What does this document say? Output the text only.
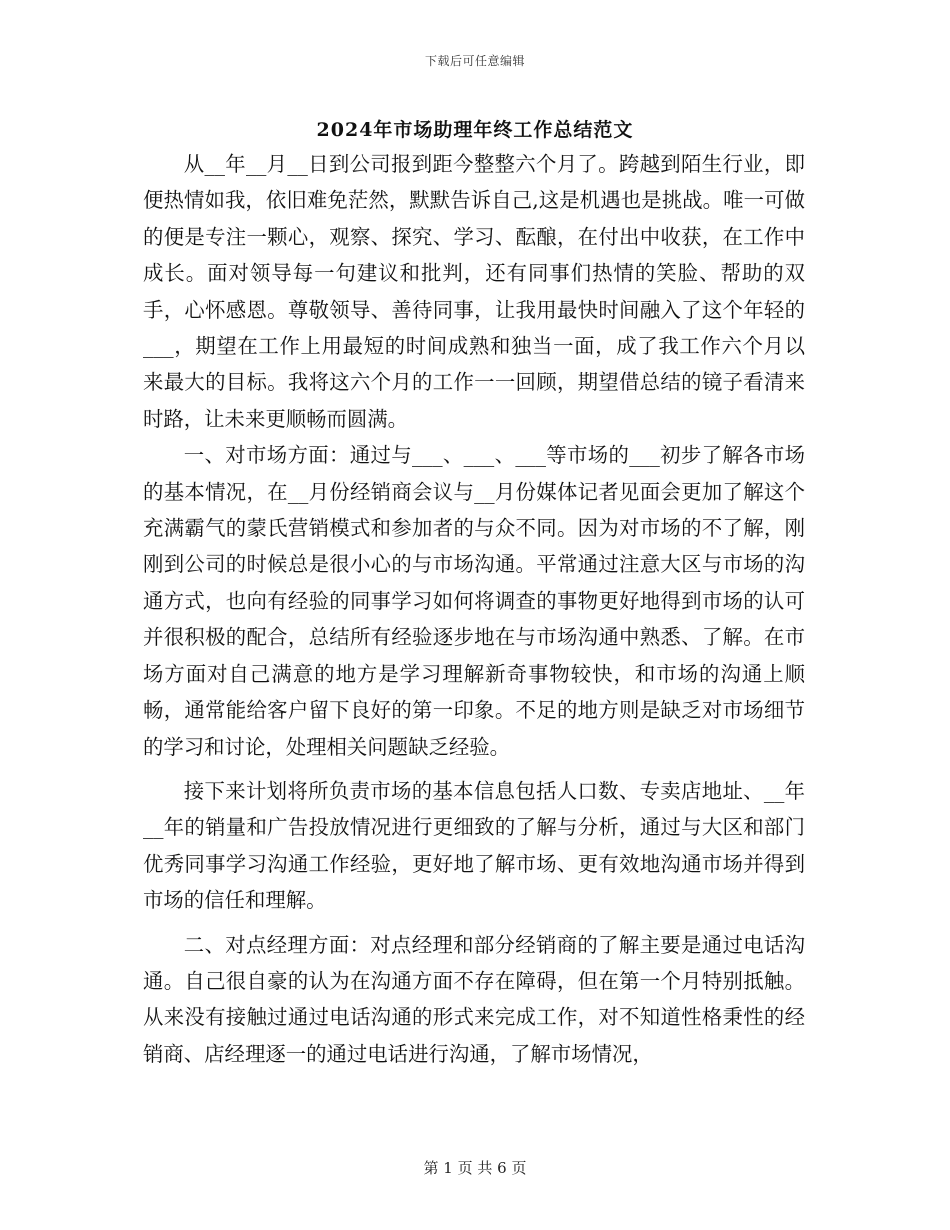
下载后可任意编辑
2024年市场助理年终工作总结范文

从__年__月__日到公司报到距今整整六个月了。跨越到陌生行业，即便热情如我，依旧难免茫然，默默告诉自己,这是机遇也是挑战。唯一可做的便是专注一颗心，观察、探究、学习、酝酿，在付出中收获，在工作中成长。面对领导每一句建议和批判，还有同事们热情的笑脸、帮助的双手，心怀感恩。尊敬领导、善待同事，让我用最快时间融入了这个年轻的___，期望在工作上用最短的时间成熟和独当一面，成了我工作六个月以来最大的目标。我将这六个月的工作一一回顾，期望借总结的镜子看清来时路，让未来更顺畅而圆满。

一、对市场方面：通过与___、___、___等市场的___初步了解各市场的基本情况，在__月份经销商会议与__月份媒体记者见面会更加了解这个充满霸气的蒙氏营销模式和参加者的与众不同。因为对市场的不了解，刚刚到公司的时候总是很小心的与市场沟通。平常通过注意大区与市场的沟通方式，也向有经验的同事学习如何将调查的事物更好地得到市场的认可并很积极的配合，总结所有经验逐步地在与市场沟通中熟悉、了解。在市场方面对自己满意的地方是学习理解新奇事物较快，和市场的沟通上顺畅，通常能给客户留下良好的第一印象。不足的地方则是缺乏对市场细节的学习和讨论，处理相关问题缺乏经验。

接下来计划将所负责市场的基本信息包括人口数、专卖店地址、__年__年的销量和广告投放情况进行更细致的了解与分析，通过与大区和部门优秀同事学习沟通工作经验，更好地了解市场、更有效地沟通市场并得到市场的信任和理解。

二、对点经理方面：对点经理和部分经销商的了解主要是通过电话沟通。自己很自豪的认为在沟通方面不存在障碍，但在第一个月特别抵触。从来没有接触过通过电话沟通的形式来完成工作，对不知道性格秉性的经销商、店经理逐一的通过电话进行沟通，了解市场情况，

第 1 页 共 6 页
